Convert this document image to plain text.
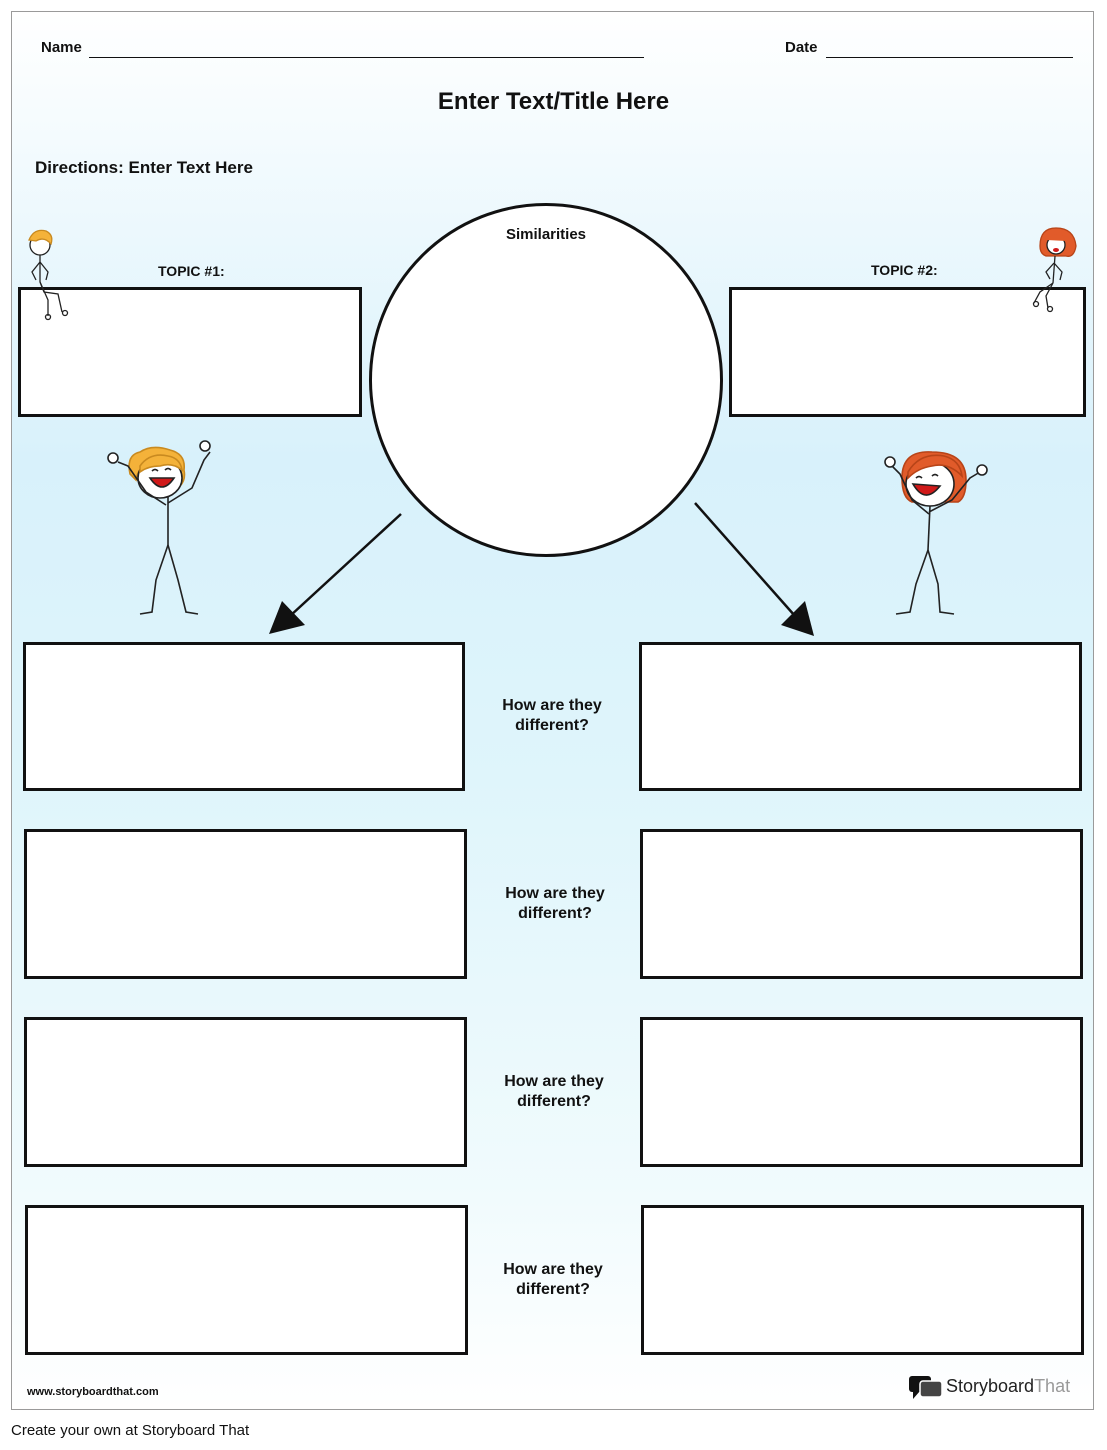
Name	Date
Enter Text/Title Here
Directions: Enter Text Here
TOPIC #1:	TOPIC #2:
Similarities
How are they
different?
How are they
different?
How are they
different?
How are they
different?
www.storyboardthat.com	StoryboardThat
Create your own at Storyboard That
